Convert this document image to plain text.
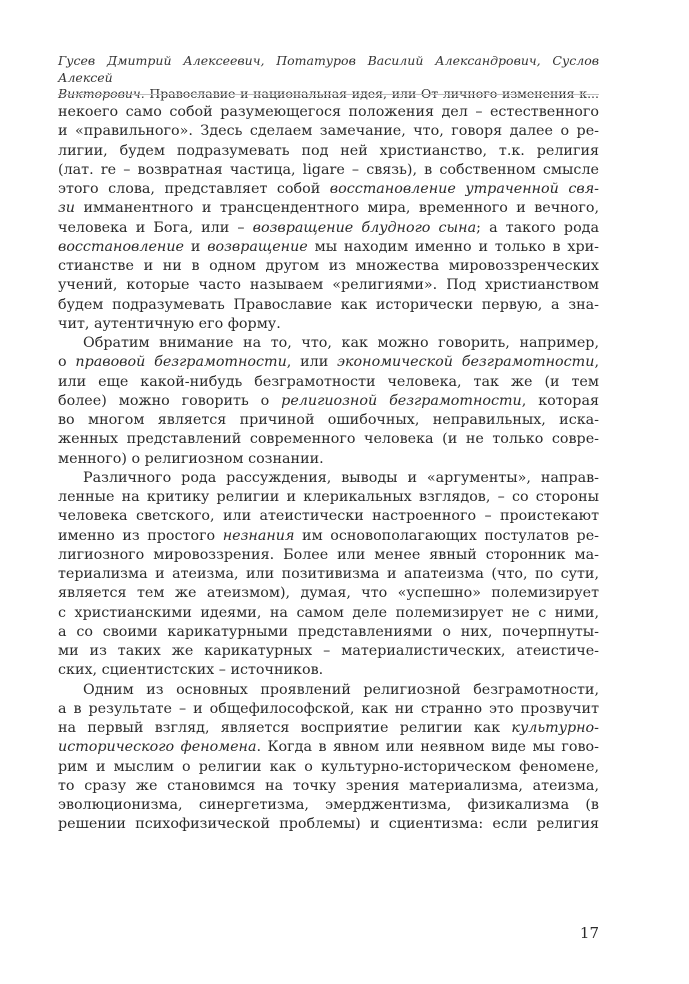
Гусев Дмитрий Алексеевич, Потатуров Василий Александрович, Суслов Алексей
Викторович. Православие и национальная идея, или От личного изменения к...

некоего само собой разумеющегося положения дел – естественного

и «правильного». Здесь сделаем замечание, что, говоря далее о ре-

лигии, будем подразумевать под ней христианство, т.к. религия

(лат. re – возвратная частица, ligare – связь), в собственном смысле

этого слова, представляет собой восстановление утраченной свя-

зи имманентного и трансцендентного мира, временного и вечного,

человека и Бога, или – возвращение блудного сына; а такого рода

восстановление и возвращение мы находим именно и только в хри-

стианстве и ни в одном другом из множества мировоззренческих

учений, которые часто называем «религиями». Под христианством

будем подразумевать Православие как исторически первую, а зна-

чит, аутентичную его форму.

Обратим внимание на то, что, как можно говорить, например,

о правовой безграмотности, или экономической безграмотности,

или еще какой-нибудь безграмотности человека, так же (и тем

более) можно говорить о религиозной безграмотности, которая

во многом является причиной ошибочных, неправильных, иска-

женных представлений современного человека (и не только совре-

менного) о религиозном сознании.

Различного рода рассуждения, выводы и «аргументы», направ-

ленные на критику религии и клерикальных взглядов, – со стороны

человека светского, или атеистически настроенного – проистекают

именно из простого незнания им основополагающих постулатов ре-

лигиозного мировоззрения. Более или менее явный сторонник ма-

териализма и атеизма, или позитивизма и апатеизма (что, по сути,

является тем же атеизмом), думая, что «успешно» полемизирует

с христианскими идеями, на самом деле полемизирует не с ними,

а со своими карикатурными представлениями о них, почерпнуты-

ми из таких же карикатурных – материалистических, атеистиче-

ских, сциентистских – источников.

Одним из основных проявлений религиозной безграмотности,

а в результате – и общефилософской, как ни странно это прозвучит

на первый взгляд, является восприятие религии как культурно-

исторического феномена. Когда в явном или неявном виде мы гово-

рим и мыслим о религии как о культурно-историческом феномене,

то сразу же становимся на точку зрения материализма, атеизма,

эволюционизма, синергетизма, эмерджентизма, физикализма (в

решении психофизической проблемы) и сциентизма: если религия

17
